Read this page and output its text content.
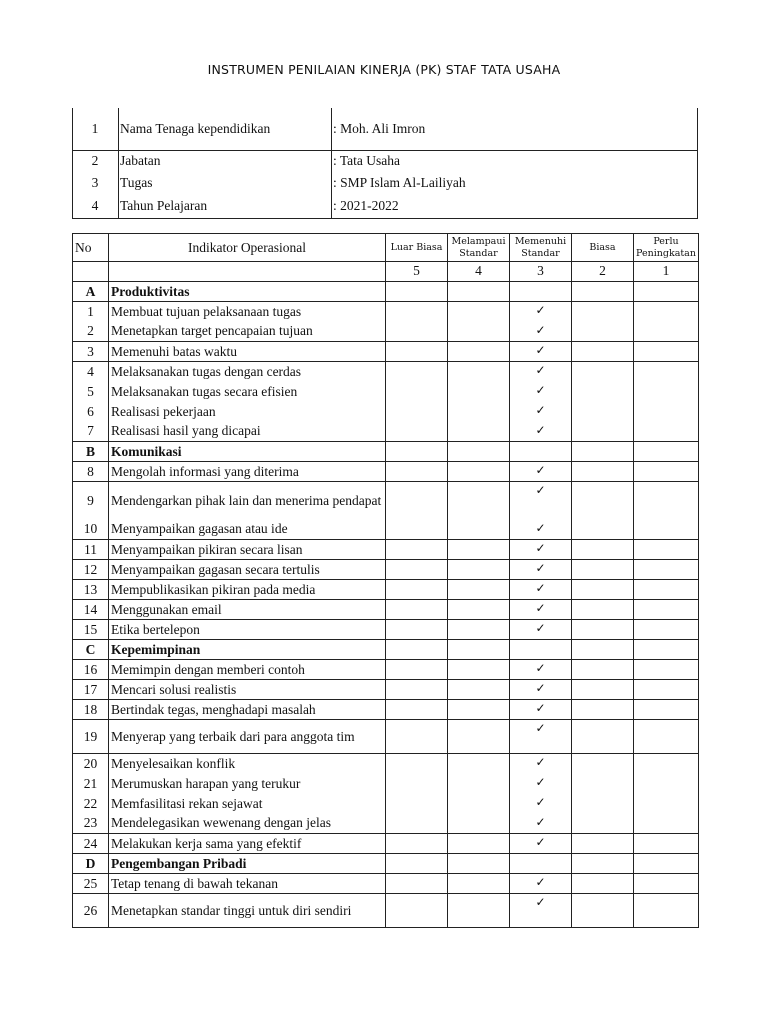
INSTRUMEN PENILAIAN KINERJA (PK) STAF TATA USAHA
1	Nama Tenaga kependidikan	: Moh. Ali Imron
2	Jabatan	: Tata Usaha
3	Tugas	: SMP Islam Al-Lailiyah
4	Tahun Pelajaran	: 2021-2022
No	Indikator Operasional	Luar Biasa	Melampaui Standar	Memenuhi Standar	Biasa	Perlu Peningkatan
		5	4	3	2	1
A	Produktivitas					
1	Membuat tujuan pelaksanaan tugas			✓		
2	Menetapkan target pencapaian tujuan			✓		
3	Memenuhi batas waktu			✓		
4	Melaksanakan tugas dengan cerdas			✓		
5	Melaksanakan tugas secara efisien			✓		
6	Realisasi pekerjaan			✓		
7	Realisasi hasil yang dicapai			✓		
B	Komunikasi					
8	Mengolah informasi yang diterima			✓		
9	Mendengarkan pihak lain dan menerima pendapat			✓		
10	Menyampaikan gagasan atau ide			✓		
11	Menyampaikan pikiran secara lisan			✓		
12	Menyampaikan gagasan secara tertulis			✓		
13	Mempublikasikan pikiran pada media			✓		
14	Menggunakan email			✓		
15	Etika bertelepon			✓		
C	Kepemimpinan					
16	Memimpin dengan memberi contoh			✓		
17	Mencari solusi realistis			✓		
18	Bertindak tegas, menghadapi masalah			✓		
19	Menyerap yang terbaik dari para anggota tim			✓		
20	Menyelesaikan konflik			✓		
21	Merumuskan harapan yang terukur			✓		
22	Memfasilitasi rekan sejawat			✓		
23	Mendelegasikan wewenang dengan jelas			✓		
24	Melakukan kerja sama yang efektif			✓		
D	Pengembangan Pribadi					
25	Tetap tenang di bawah tekanan			✓		
26	Menetapkan standar tinggi untuk diri sendiri			✓		
